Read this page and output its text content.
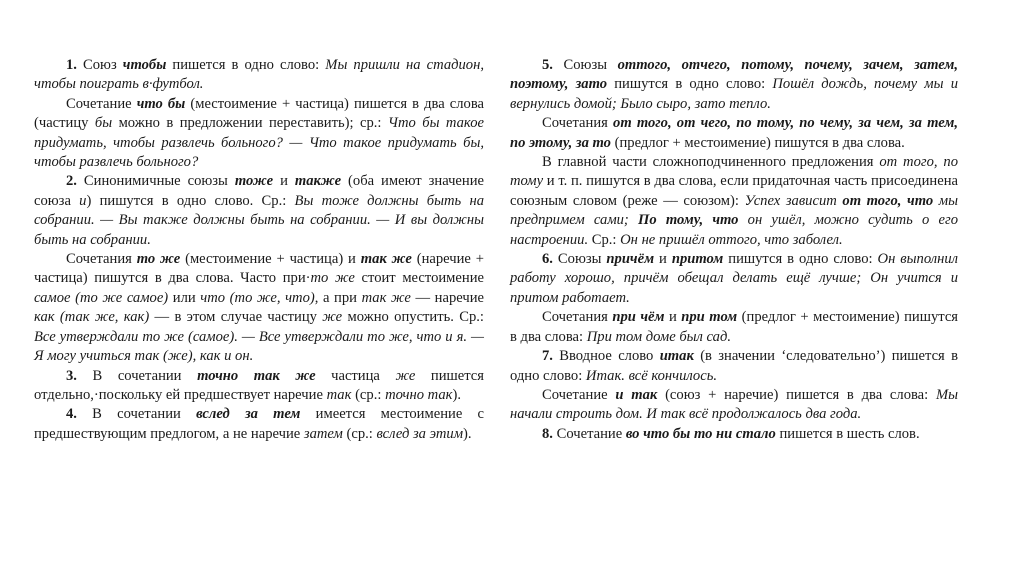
1. Союз чтобы пишется в одно слово: Мы пришли на стадион, чтобы поиграть в·футбол.

Сочетание что бы (местоимение + частица) пишется в два слова (частицу бы можно в предложении переставить); ср.: Что бы такое придумать, чтобы развлечь больного? — Что такое придумать бы, чтобы развлечь больного?

2. Синонимичные союзы тоже и также (оба имеют значение союза и) пишутся в одно слово. Ср.: Вы тоже должны быть на собрании. — Вы также должны быть на собрании. — И вы должны быть на собрании.

Сочетания то же (местоимение + частица) и так же (наречие + частица) пишутся в два слова. Часто при·то же стоит местоимение самое (то же самое) или что (то же, что), а при так же — наречие как (так же, как) — в этом случае частицу же можно опустить. Ср.: Все утверждали то же (самое). — Все утверждали то же, что и я. — Я могу учиться так (же), как и он.

3. В сочетании точно так же частица же пишется отдельно,·поскольку ей предшествует наречие так (ср.: точно так).

4. В сочетании вслед за тем имеется местоимение с предшествующим предлогом, а не наречие затем (ср.: вслед за этим).

5. Союзы оттого, отчего, потому, почему, зачем, затем, поэтому, зато пишутся в одно слово: Пошёл дождь, почему мы и вернулись домой; Было сыро, зато тепло.

Сочетания от того, от чего, по тому, по чему, за чем, за тем, по этому, за то (предлог + местоимение) пишутся в два слова.

В главной части сложноподчиненного предложения от того, по тому и т. п. пишутся в два слова, если придаточная часть присоединена союзным словом (реже — союзом): Успех зависит от того, что мы предпримем сами; По тому, что он ушёл, можно судить о его настроении. Ср.: Он не пришёл оттого, что заболел.

6. Союзы причём и притом пишутся в одно слово: Он выполнил работу хорошо, причём обещал делать ещё лучше; Он учится и притом работает.

Сочетания при чём и при том (предлог + местоимение) пишутся в два слова: При том доме был сад.

7. Вводное слово итак (в значении ‘следовательно’) пишется в одно слово: Итак. всё кончилось.

Сочетание и так (союз + наречие) пишется в два слова: Мы начали строить дом. И так всё продолжалось два года.

8. Сочетание во что бы то ни стало пишется в шесть слов.
